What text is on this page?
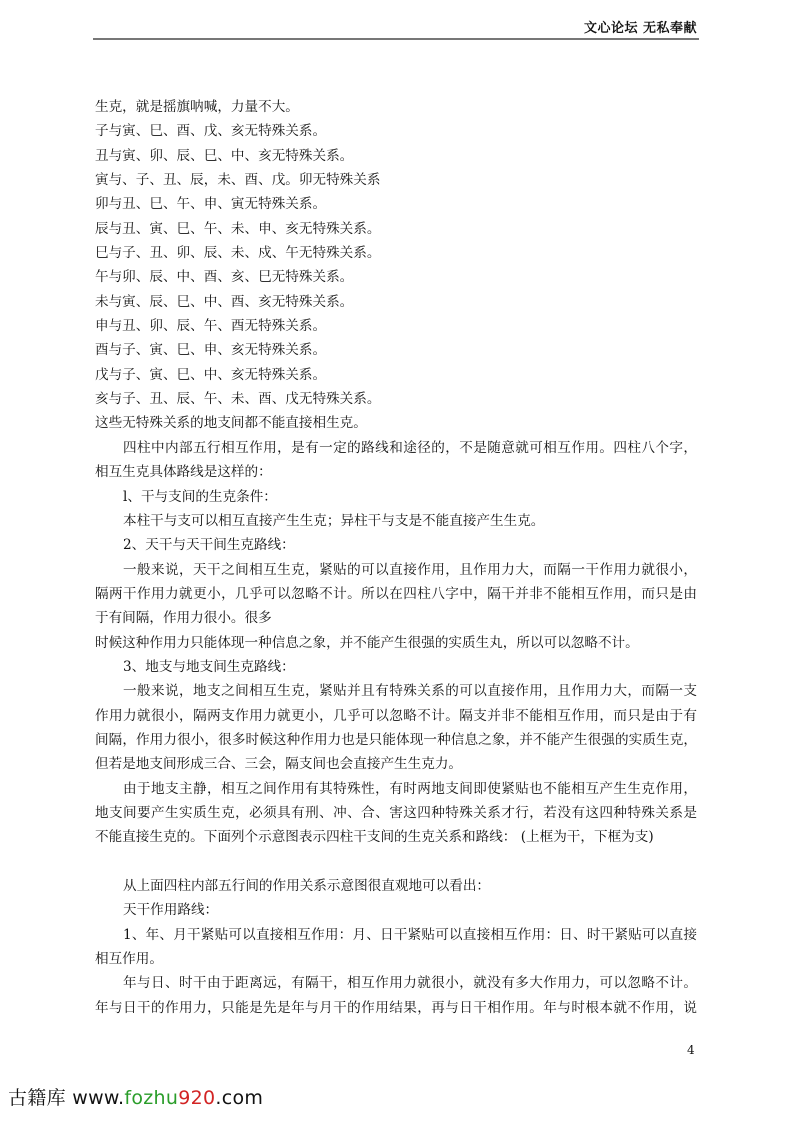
文心论坛 无私奉献
生克，就是摇旗呐喊，力量不大。
子与寅、巳、酉、戊、亥无特殊关系。
丑与寅、卯、辰、巳、中、亥无特殊关系。
寅与、子、丑、辰，未、酉、戊。卯无特殊关系
卯与丑、巳、午、申、寅无特殊关系。
辰与丑、寅、巳、午、未、申、亥无特殊关系。
巳与子、丑、卯、辰、未、戍、午无特殊关系。
午与卯、辰、中、酉、亥、巳无特殊关系。
未与寅、辰、巳、中、酉、亥无特殊关系。
申与丑、卯、辰、午、酉无特殊关系。
酉与子、寅、巳、申、亥无特殊关系。
戊与子、寅、巳、中、亥无特殊关系。
亥与子、丑、辰、午、未、酉、戊无特殊关系。
这些无特殊关系的地支间都不能直接相生克。
四柱中内部五行相互作用，是有一定的路线和途径的，不是随意就可相互作用。四柱八个字，
相互生克具体路线是这样的：
l、干与支间的生克条件：
本柱干与支可以相互直接产生生克；异柱干与支是不能直接产生生克。
2、天干与天干间生克路线：
一般来说，天干之间相互生克，紧贴的可以直接作用，且作用力大，而隔一干作用力就很小，
隔两干作用力就更小，几乎可以忽略不计。所以在四柱八字中，隔干并非不能相互作用，而只是由
于有间隔，作用力很小。很多
时候这种作用力只能体现一种信息之象，并不能产生很强的实质生丸，所以可以忽略不计。
3、地支与地支间生克路线：
一般来说，地支之间相互生克，紧贴并且有特殊关系的可以直接作用，且作用力大，而隔一支
作用力就很小，隔两支作用力就更小，几乎可以忽略不计。隔支并非不能相互作用，而只是由于有
间隔，作用力很小，很多时候这种作用力也是只能体现一种信息之象，并不能产生很强的实质生克，
但若是地支间形成三合、三会，隔支间也会直接产生生克力。
由于地支主静，相互之间作用有其特殊性，有时两地支间即使紧贴也不能相互产生生克作用，
地支间要产生实质生克，必须具有刑、冲、合、害这四种特殊关系才行，若没有这四种特殊关系是
不能直接生克的。下面列个示意图表示四柱干支间的生克关系和路线： (上框为干，下框为支)
从上面四柱内部五行间的作用关系示意图很直观地可以看出：
天干作用路线：
1、年、月干紧贴可以直接相互作用：月、日干紧贴可以直接相互作用：日、时干紧贴可以直接
相互作用。
年与日、时干由于距离远，有隔干，相互作用力就很小，就没有多大作用力，可以忽略不计。
年与日干的作用力，只能是先是年与月干的作用结果，再与日干相作用。年与时根本就不作用，说
4
古籍库 www.fozhu920.com
